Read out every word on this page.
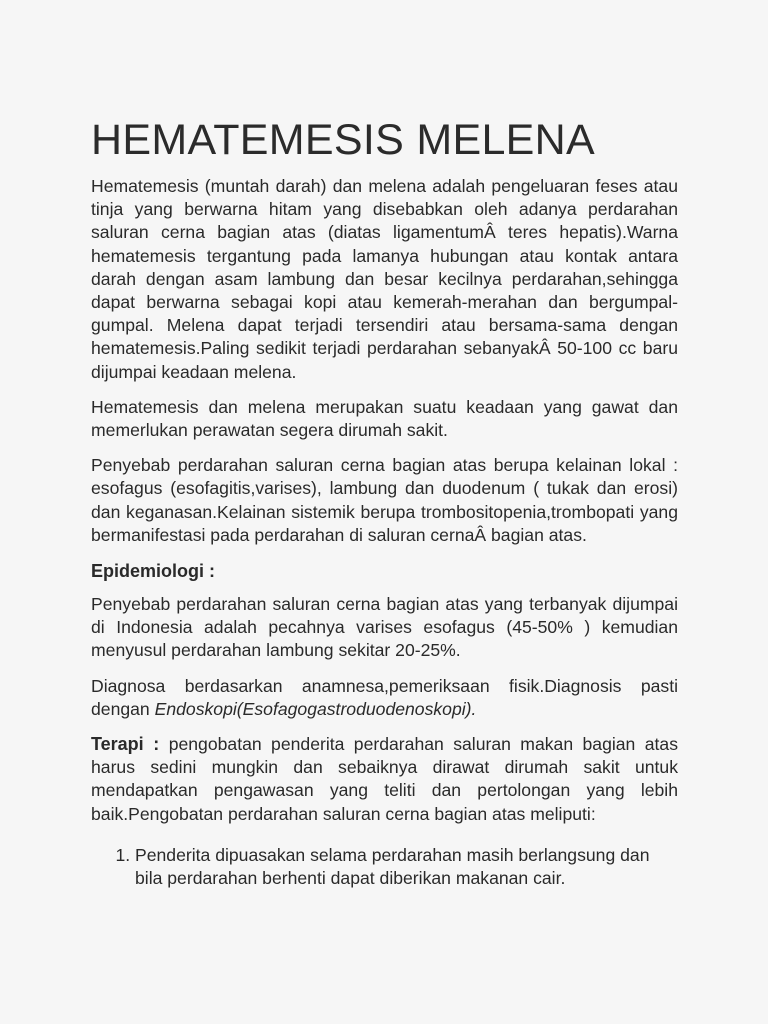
HEMATEMESIS MELENA

Hematemesis (muntah darah) dan melena adalah pengeluaran feses atau tinja yang berwarna hitam yang disebabkan oleh adanya perdarahan saluran cerna bagian atas (diatas ligamentumÂ teres hepatis).Warna hematemesis tergantung pada lamanya hubungan atau kontak antara darah dengan asam lambung dan besar kecilnya perdarahan,sehingga dapat berwarna sebagai kopi atau kemerah-merahan dan bergumpal-gumpal. Melena dapat terjadi tersendiri atau bersama-sama dengan hematemesis.Paling sedikit terjadi perdarahan sebanyakÂ 50-100 cc baru dijumpai keadaan melena.

Hematemesis dan melena merupakan suatu keadaan yang gawat dan memerlukan perawatan segera dirumah sakit.

Penyebab perdarahan saluran cerna bagian atas berupa kelainan lokal : esofagus (esofagitis,varises), lambung dan duodenum ( tukak dan erosi) dan keganasan.Kelainan sistemik berupa trombositopenia,trombopati yang bermanifestasi pada perdarahan di saluran cernaÂ bagian atas.

Epidemiologi :

Penyebab perdarahan saluran cerna bagian atas yang terbanyak dijumpai di Indonesia adalah pecahnya varises esofagus (45-50% ) kemudian menyusul perdarahan lambung sekitar 20-25%.

Diagnosa berdasarkan anamnesa,pemeriksaan fisik.Diagnosis pasti dengan Endoskopi(Esofagogastroduodenoskopi).

Terapi : pengobatan penderita perdarahan saluran makan bagian atas harus sedini mungkin dan sebaiknya dirawat dirumah sakit untuk mendapatkan pengawasan yang teliti dan pertolongan yang lebih baik.Pengobatan perdarahan saluran cerna bagian atas meliputi:

1. Penderita dipuasakan selama perdarahan masih berlangsung dan bila perdarahan berhenti dapat diberikan makanan cair.
